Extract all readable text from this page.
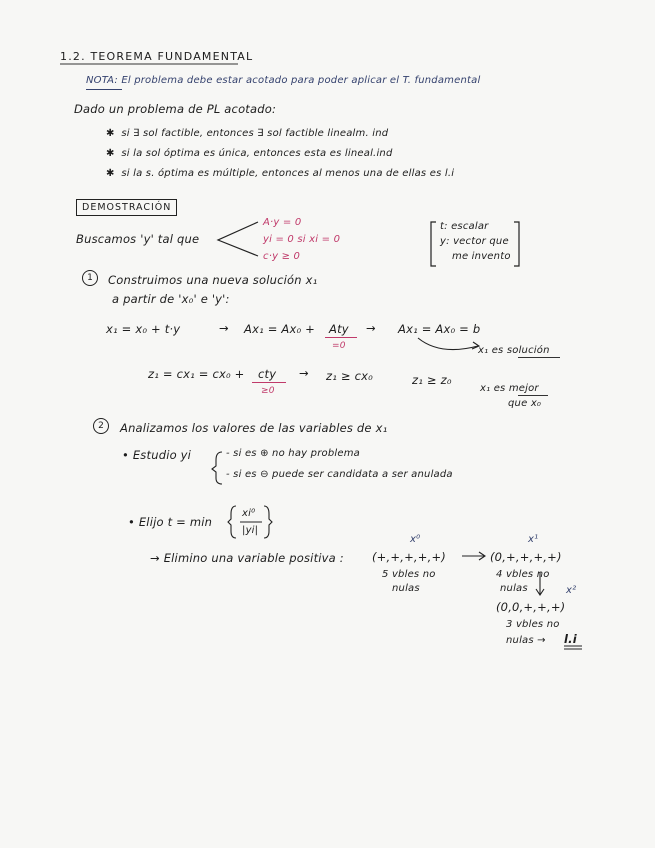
1.2. TEOREMA FUNDAMENTAL
NOTA: El problema debe estar acotado para poder aplicar el T. fundamental
Dado un problema de PL acotado:
✱  si ∃ sol factible, entonces ∃ sol factible linealm. ind
✱  si la sol óptima es única, entonces esta es lineal.ind
✱  si la s. óptima es múltiple, entonces al menos una de ellas es l.i
DEMOSTRACIÓN
Buscamos 'y' tal que
A·y = 0
yi = 0 si xi = 0
c·y ≥ 0
t: escalar
y: vector que
me invento
1	Construimos una nueva solución x₁
a partir de 'x₀' e 'y':
x₁ = x₀ + t·y	→ Ax₁ = Ax₀ + Aty
=0
→ Ax₁ = Ax₀ = b
x₁ es solución
z₁ = cx₁ = cx₀ + cty
≥0
→ z₁ ≥ cx₀	z₁ ≥ z₀
x₁ es mejor
que x₀
2	Analizamos los valores de las variables de x₁
• Estudio yi	- si es ⊕ no hay problema
- si es ⊖ puede ser candidata a ser anulada
• Elijo t = min
xi⁰
|yi|
→ Elimino una variable positiva :
x⁰
(+,+,+,+,+)
5 vbles no
nulas
x¹
(0,+,+,+,+)
4 vbles no
nulas	x²
(0,0,+,+,+)
3 vbles no
nulas → l.i
